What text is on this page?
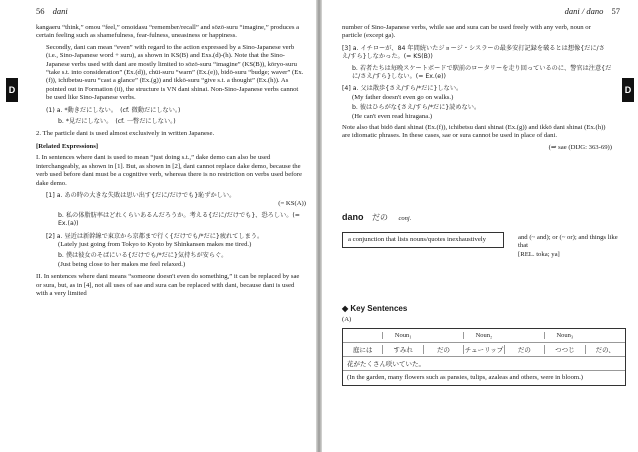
56 dani
D

kangaeru “think,” omou “feel,” omoidasu “remember/recall” and sōzō-suru “imagine,” produces a certain feeling such as shamefulness, fear-fulness, uneasiness or happiness.

Secondly, dani can mean “even” with regard to the action expressed by a Sino-Japanese verb (i.e., Sino-Japanese word + suru), as shown in KS(B) and Exs.(d)-(h). Note that the Sino-Japanese verbs used with dani are mostly limited to sōzō-suru “imagine” (KS(B)), kōryo-suru “take s.t. into consideration” (Ex.(d)), chūi-suru “warn” (Ex.(e)), bidō-suru “budge; waver” (Ex.(f)), ichibetsu-suru “cast a glance” (Ex.(g)) and ikkō-suru “give s.t. a thought” (Ex.(h)). As pointed out in Formation (ii), the structure is VN dani shinai. Non-Sino-Japanese verbs cannot be used like Sino-Japanese verbs.

(1) a. *動きだにしない。　(cf. 微動だにしない。)

b. *見だにしない。　(cf. 一瞥だにしない。)

2. The particle dani is used almost exclusively in written Japanese.

[Related Expressions]

I. In sentences where dani is used to mean “just doing s.t.,” dake demo can also be used interchangeably, as shown in [1]. But, as shown in [2], dani cannot replace dake demo, because the verb used before dani must be a cognitive verb, whereas there is no restriction on verbs used before dake demo.

[1] a. あの時の大きな失敗は思い出す{だに/だけでも}恥ずかしい。

(= KS(A))

b. 私の体脂肪率はどれくらいあるんだろうか。考える{だに/だけでも}、恐ろしい。(= Ex.(a))

[2] a. 昼近は新幹線で東京から京都まで行く{だけでも/*だに}疲れてしまう。

(Lately just going from Tokyo to Kyoto by Shinkansen makes me tired.)

b. 僕は彼女のそばにいる{だけでも/*だに}気持ちが安らぐ。

(Just being close to her makes me feel relaxed.)

II. In sentences where dani means “someone doesn't even do something,” it can be replaced by sae or sura, but, as in [4], not all uses of sae and sura can be replaced with dani, because dani is used with a very limited

dani / dano 57
D

number of Sino-Japanese verbs, while sae and sura can be used freely with any verb, noun or particle (except ga).

[3] a. イチローが、84 年間続いたジョージ・シスラーの最多安打記録を破るとは想像{だに/さえ/すら}しなかった。(= KS(B))

b. 若者たちは毎晩スケートボードで駅前のロータリーを走り回っているのに、警官は注意{だに/さえ/すら}しない。(= Ex.(e))

[4] a. 父は散歩{さえ/すら/*だに}しない。

(My father doesn't even go on walks.)

b. 彼はひらがな{さえ/すら/*だに}読めない。

(He can't even read hiragana.)

Note also that bidō dani shinai (Ex.(f)), ichibetsu dani shinai (Ex.(g)) and ikkō dani shinai (Ex.(h)) are idiomatic phrases. In these cases, sae or sura cannot be used in place of dani.

(⇒ sae (DIJG: 363-69))

dano だの conj.
a conjunction that lists nouns/quotes inexhaustively	and (~ and); or (~ or); and things like that

[REL. toka; ya]

◆ Key Sentences
(A)
Noun₁	Noun₂	Noun₃
庭には	すみれ	だの	チューリップ	だの	つつじ	だの、
花がたくさん咲いていた。
(In the garden, many flowers such as pansies, tulips, azaleas and others, were in bloom.)
